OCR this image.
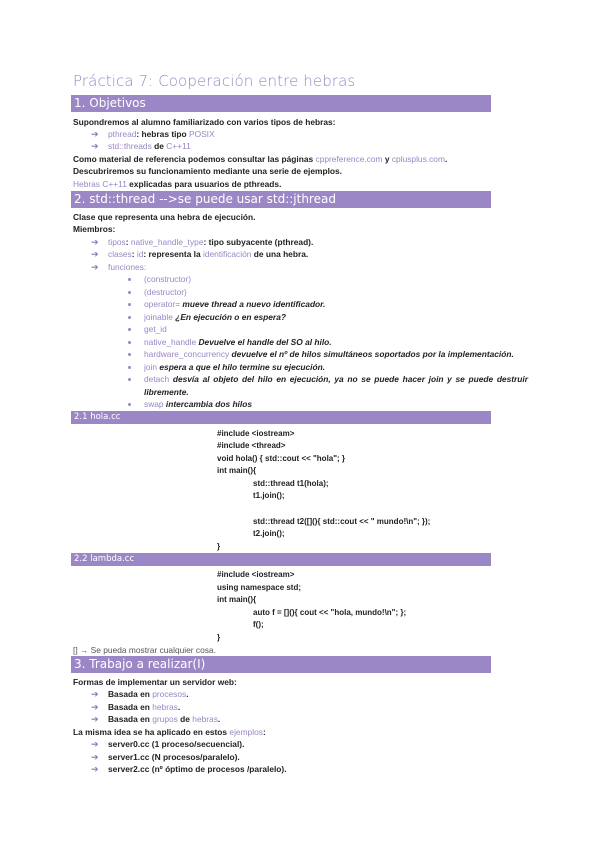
Práctica 7: Cooperación entre hebras
1. Objetivos
Supondremos al alumno familiarizado con varios tipos de hebras:
➔ pthread: hebras tipo POSIX
➔ std::threads de C++11
Como material de referencia podemos consultar las páginas cppreference.com y cplusplus.com.
Descubriremos su funcionamiento mediante una serie de ejemplos.
Hebras C++11 explicadas para usuarios de pthreads.
2. std::thread -->se puede usar std::jthread
Clase que representa una hebra de ejecución.
Miembros:
➔ tipos: native_handle_type: tipo subyacente (pthread).
➔ clases: id: representa la identificación de una hebra.
➔ funciones:
(constructor)
(destructor)
operator= mueve thread a nuevo identificador.
joinable ¿En ejecución o en espera?
get_id
native_handle Devuelve el handle del SO al hilo.
hardware_concurrency devuelve el nº de hilos simultáneos soportados por la implementación.
join espera a que el hilo termine su ejecución.
detach desvía al objeto del hilo en ejecución, ya no se puede hacer join y se puede destruir
libremente.
swap intercambia dos hilos
2.1 hola.cc
#include <iostream>
#include <thread>
void hola() { std::cout << "hola"; }
int main(){
std::thread t1(hola);
t1.join();
std::thread t2([](){ std::cout << " mundo!\n"; });
t2.join();
}
2.2 lambda.cc
#include <iostream>
using namespace std;
int main(){
auto f = [](){ cout << "hola, mundo!\n"; };
f();
}
[] → Se pueda mostrar cualquier cosa.
3. Trabajo a realizar(I)
Formas de implementar un servidor web:
➔ Basada en procesos.
➔ Basada en hebras.
➔ Basada en grupos de hebras.
La misma idea se ha aplicado en estos ejemplos:
➔ server0.cc (1 proceso/secuencial).
➔ server1.cc (N procesos/paralelo).
➔ server2.cc (nº óptimo de procesos /paralelo).
